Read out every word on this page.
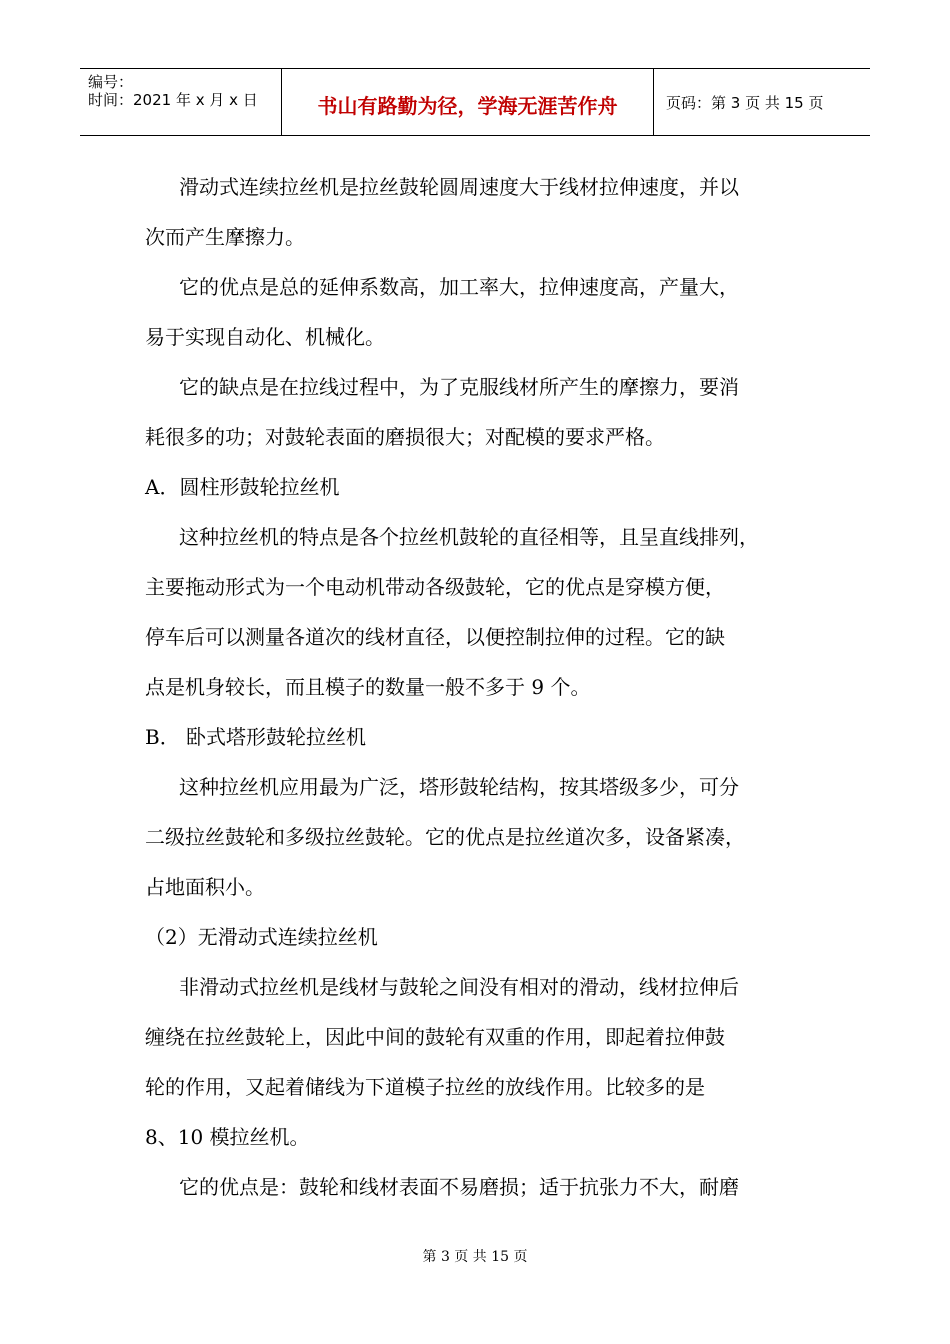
编号：
时间：2021 年 x 月 x 日	书山有路勤为径，学海无涯苦作舟	页码：第 3 页 共 15 页

滑动式连续拉丝机是拉丝鼓轮圆周速度大于线材拉伸速度，并以

次而产生摩擦力。

它的优点是总的延伸系数高，加工率大，拉伸速度高，产量大，

易于实现自动化、机械化。

它的缺点是在拉线过程中，为了克服线材所产生的摩擦力，要消

耗很多的功；对鼓轮表面的磨损很大；对配模的要求严格。

A．圆柱形鼓轮拉丝机

这种拉丝机的特点是各个拉丝机鼓轮的直径相等，且呈直线排列，

主要拖动形式为一个电动机带动各级鼓轮，它的优点是穿模方便，

停车后可以测量各道次的线材直径，以便控制拉伸的过程。它的缺

点是机身较长，而且模子的数量一般不多于 9 个。

B． 卧式塔形鼓轮拉丝机

这种拉丝机应用最为广泛，塔形鼓轮结构，按其塔级多少，可分

二级拉丝鼓轮和多级拉丝鼓轮。它的优点是拉丝道次多，设备紧凑，

占地面积小。

（2）无滑动式连续拉丝机

非滑动式拉丝机是线材与鼓轮之间没有相对的滑动，线材拉伸后

缠绕在拉丝鼓轮上，因此中间的鼓轮有双重的作用，即起着拉伸鼓

轮的作用，又起着储线为下道模子拉丝的放线作用。比较多的是

8、10 模拉丝机。

它的优点是：鼓轮和线材表面不易磨损；适于抗张力不大，耐磨

第 3 页 共 15 页
